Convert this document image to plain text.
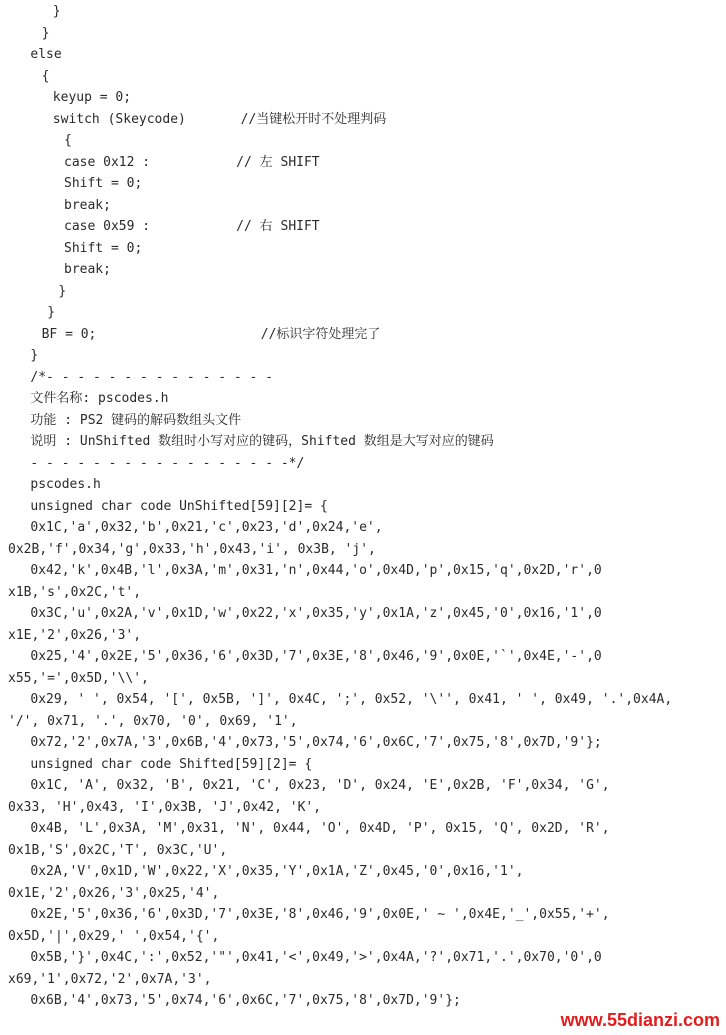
}
}
else
{
keyup = 0;
switch (Skeycode)       //当键松开时不处理判码
{
case 0x12 :           // 左 SHIFT
Shift = 0;
break;
case 0x59 :           // 右 SHIFT
Shift = 0;
break;
}
}
BF = 0;                     //标识字符处理完了
}
/*- - - - - - - - - - - - - - -
文件名称: pscodes.h
功能 : PS2 键码的解码数组头文件
说明 : UnShifted 数组时小写对应的键码，Shifted 数组是大写对应的键码
- - - - - - - - - - - - - - - - -*/
pscodes.h
unsigned char code UnShifted[59][2]= {
0x1C,'a',0x32,'b',0x21,'c',0x23,'d',0x24,'e',
0x2B,'f',0x34,'g',0x33,'h',0x43,'i', 0x3B, 'j',
0x42,'k',0x4B,'l',0x3A,'m',0x31,'n',0x44,'o',0x4D,'p',0x15,'q',0x2D,'r',0
x1B,'s',0x2C,'t',
0x3C,'u',0x2A,'v',0x1D,'w',0x22,'x',0x35,'y',0x1A,'z',0x45,'0',0x16,'1',0
x1E,'2',0x26,'3',
0x25,'4',0x2E,'5',0x36,'6',0x3D,'7',0x3E,'8',0x46,'9',0x0E,'`',0x4E,'-',0
x55,'=',0x5D,'\\',
0x29, ' ', 0x54, '[', 0x5B, ']', 0x4C, ';', 0x52, '\'', 0x41, ' ', 0x49, '.',0x4A,
'/', 0x71, '.', 0x70, '0', 0x69, '1',
0x72,'2',0x7A,'3',0x6B,'4',0x73,'5',0x74,'6',0x6C,'7',0x75,'8',0x7D,'9'};
unsigned char code Shifted[59][2]= {
0x1C, 'A', 0x32, 'B', 0x21, 'C', 0x23, 'D', 0x24, 'E',0x2B, 'F',0x34, 'G',
0x33, 'H',0x43, 'I',0x3B, 'J',0x42, 'K',
0x4B, 'L',0x3A, 'M',0x31, 'N', 0x44, 'O', 0x4D, 'P', 0x15, 'Q', 0x2D, 'R',
0x1B,'S',0x2C,'T', 0x3C,'U',
0x2A,'V',0x1D,'W',0x22,'X',0x35,'Y',0x1A,'Z',0x45,'0',0x16,'1',
0x1E,'2',0x26,'3',0x25,'4',
0x2E,'5',0x36,'6',0x3D,'7',0x3E,'8',0x46,'9',0x0E,' ~ ',0x4E,'_',0x55,'+',
0x5D,'|',0x29,' ',0x54,'{',
0x5B,'}',0x4C,':',0x52,'"',0x41,'<',0x49,'>',0x4A,'?',0x71,'.',0x70,'0',0
x69,'1',0x72,'2',0x7A,'3',
0x6B,'4',0x73,'5',0x74,'6',0x6C,'7',0x75,'8',0x7D,'9'};
www.55dianzi.com
